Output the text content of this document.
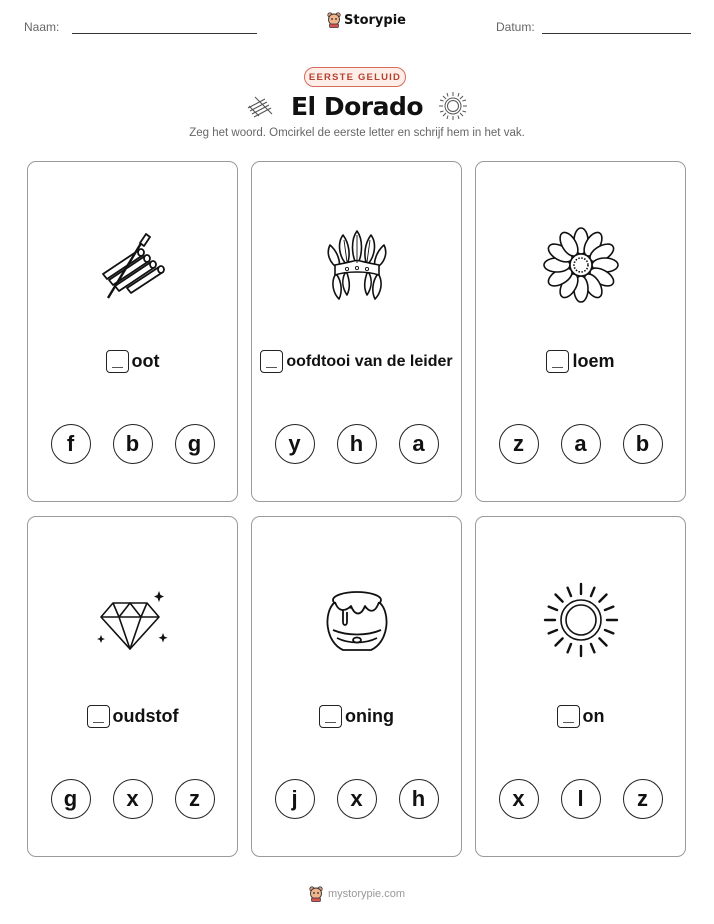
Naam:	Storypie	Datum:
EERSTE GELUID
El Dorado
Zeg het woord. Omcirkel de eerste letter en schrijf hem in het vak.
oot
f	b	g
oofdtooi van de leider
y	h	a
loem
z	a	b
oudstof
g	x	z
oning
j	x	h
on
x	l	z
mystorypie.com
